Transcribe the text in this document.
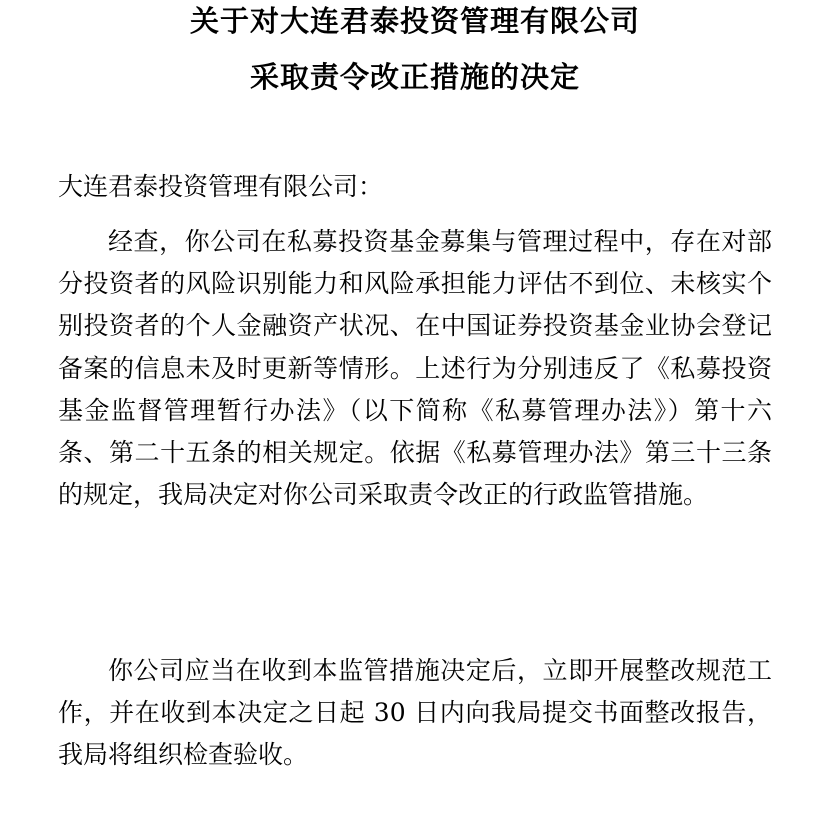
关于对大连君泰投资管理有限公司
采取责令改正措施的决定

大连君泰投资管理有限公司：

经查，你公司在私募投资基金募集与管理过程中，存在对部分投资者的风险识别能力和风险承担能力评估不到位、未核实个别投资者的个人金融资产状况、在中国证券投资基金业协会登记备案的信息未及时更新等情形。上述行为分别违反了《私募投资基金监督管理暂行办法》（以下简称《私募管理办法》）第十六条、第二十五条的相关规定。依据《私募管理办法》第三十三条的规定，我局决定对你公司采取责令改正的行政监管措施。

你公司应当在收到本监管措施决定后，立即开展整改规范工作，并在收到本决定之日起 30 日内向我局提交书面整改报告，我局将组织检查验收。
